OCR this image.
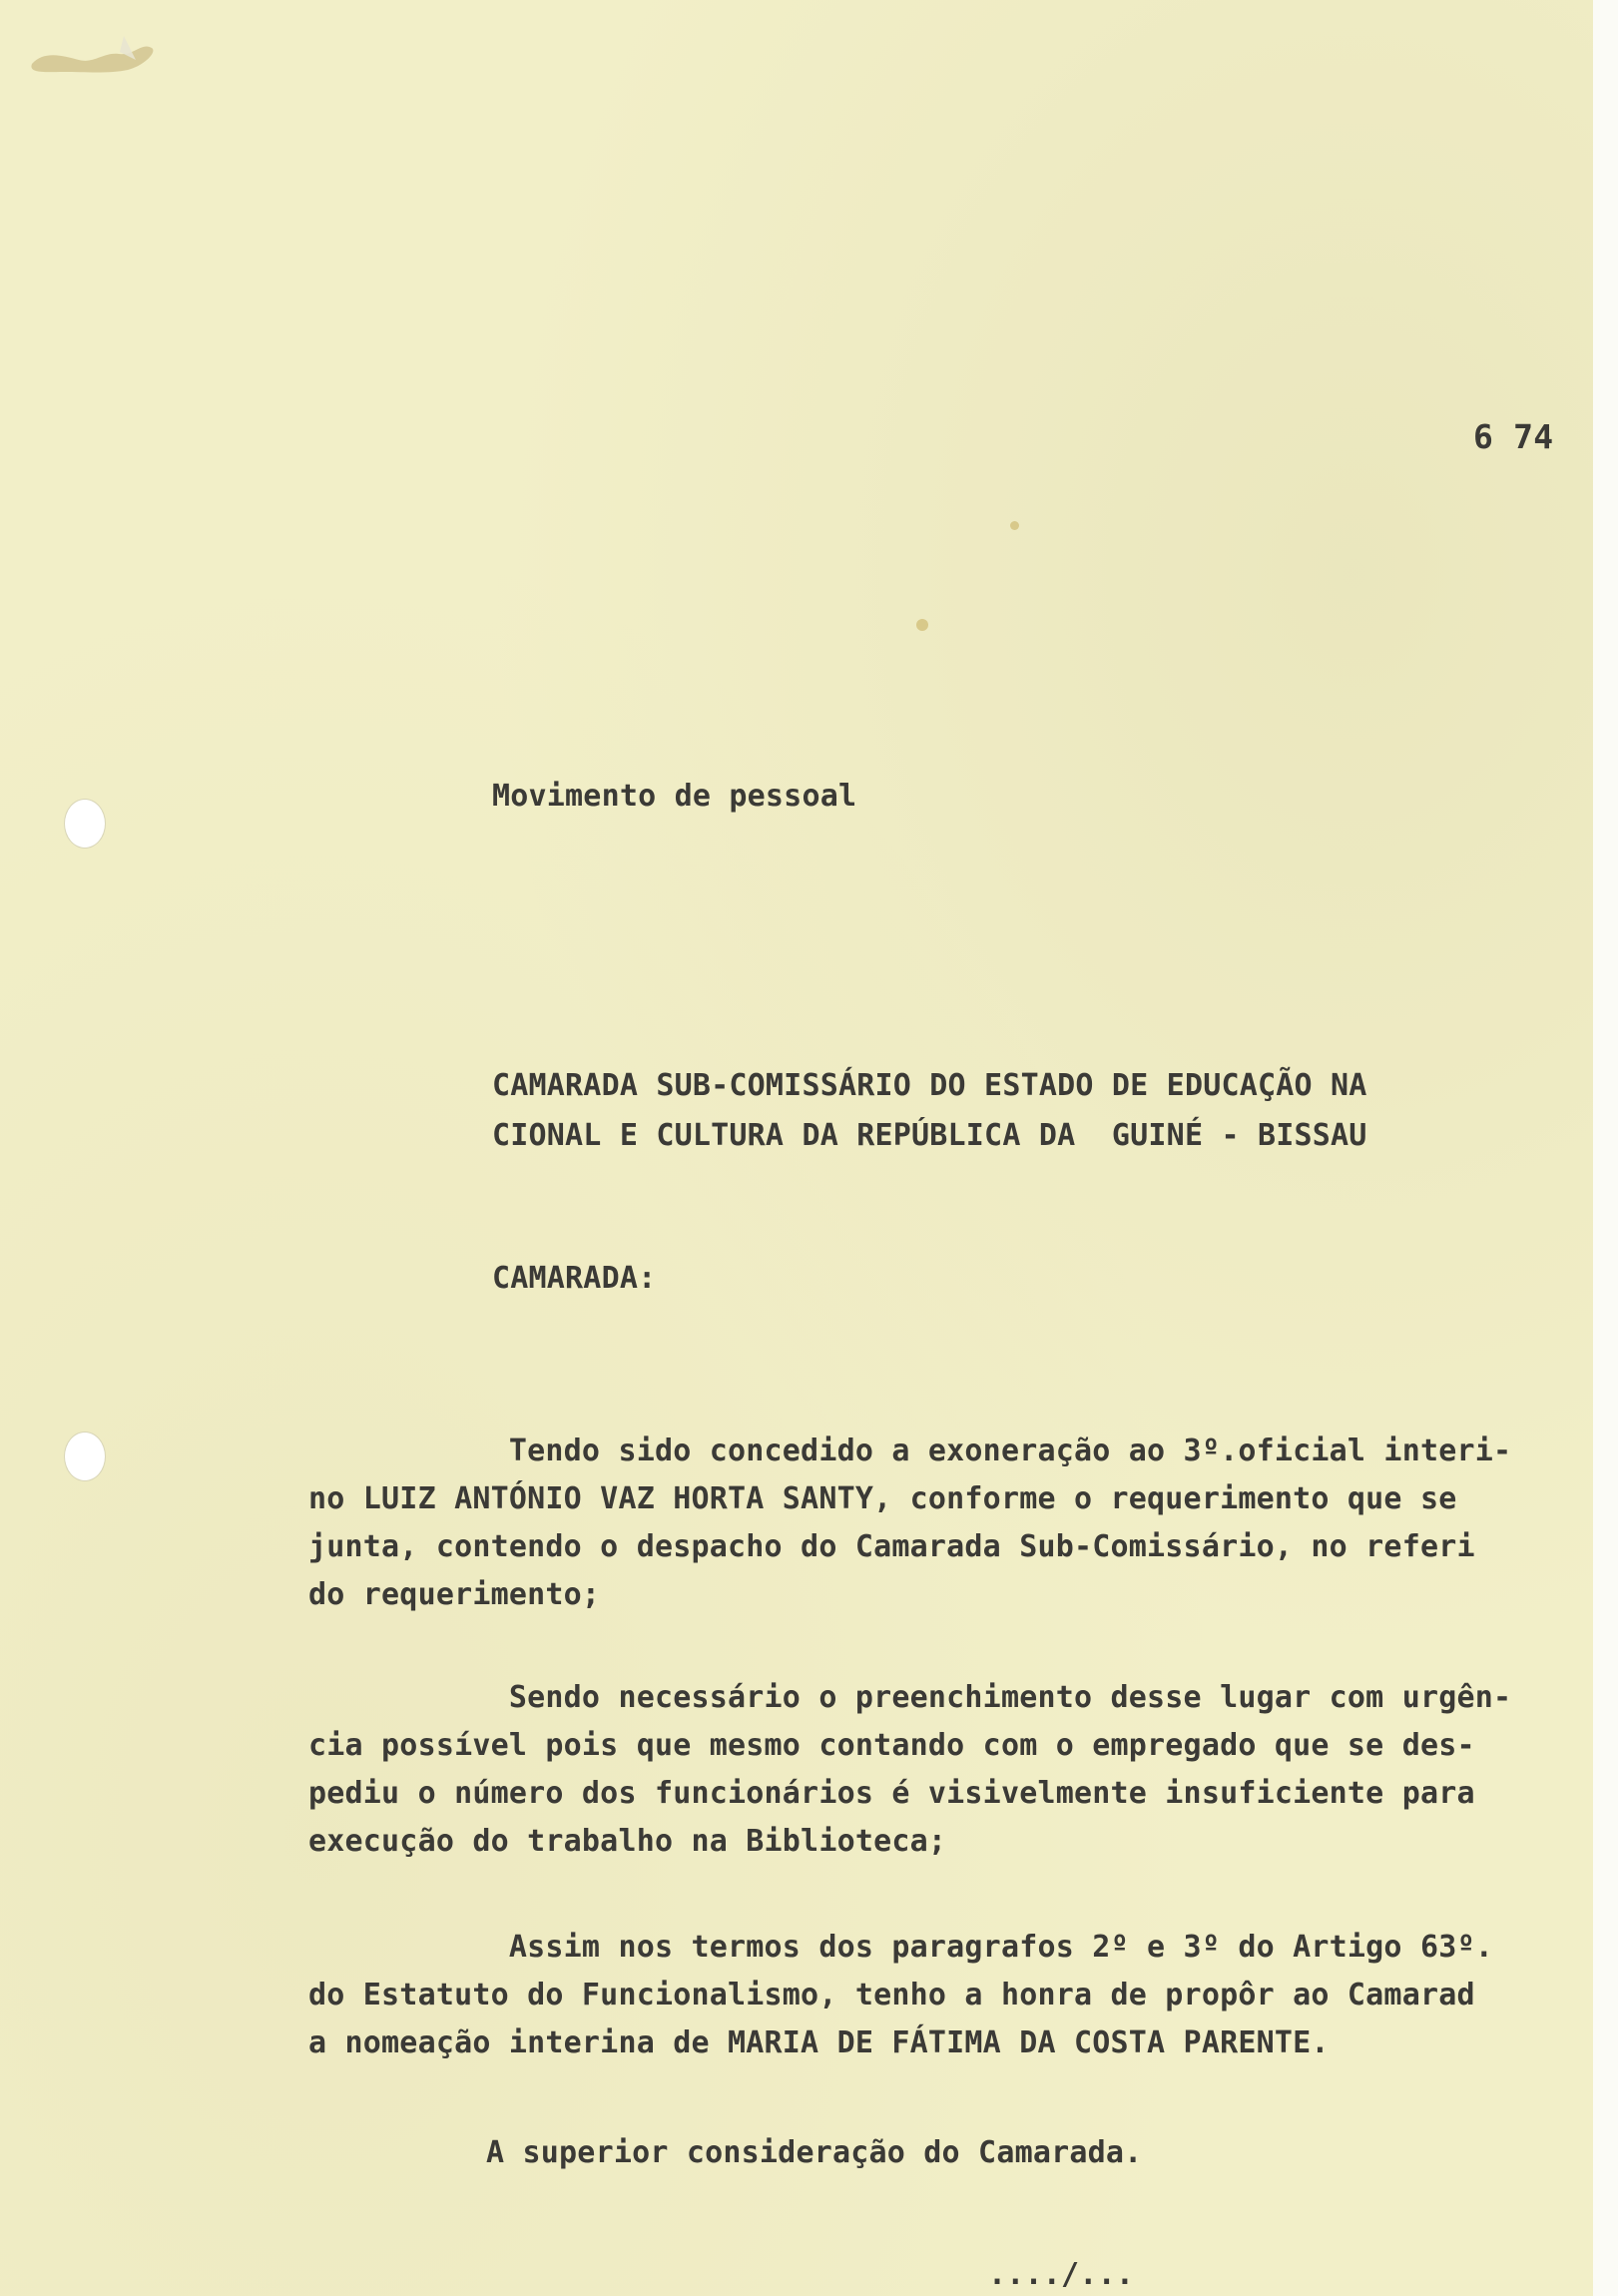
6 74

Movimento de pessoal

CAMARADA SUB-COMISSÁRIO DO ESTADO DE EDUCAÇÃO NA
CIONAL E CULTURA DA REPÚBLICA DA  GUINÉ - BISSAU

CAMARADA:

Tendo sido concedido a exoneração ao 3º.oficial interi-
no LUIZ ANTÓNIO VAZ HORTA SANTY, conforme o requerimento que se
junta, contendo o despacho do Camarada Sub-Comissário, no referi
do requerimento;
Sendo necessário o preenchimento desse lugar com urgên-
cia possível pois que mesmo contando com o empregado que se des-
pediu o número dos funcionários é visivelmente insuficiente para
execução do trabalho na Biblioteca;
Assim nos termos dos paragrafos 2º e 3º do Artigo 63º.
do Estatuto do Funcionalismo, tenho a honra de propôr ao Camarad
a nomeação interina de MARIA DE FÁTIMA DA COSTA PARENTE.

A superior consideração do Camarada.

..../...
